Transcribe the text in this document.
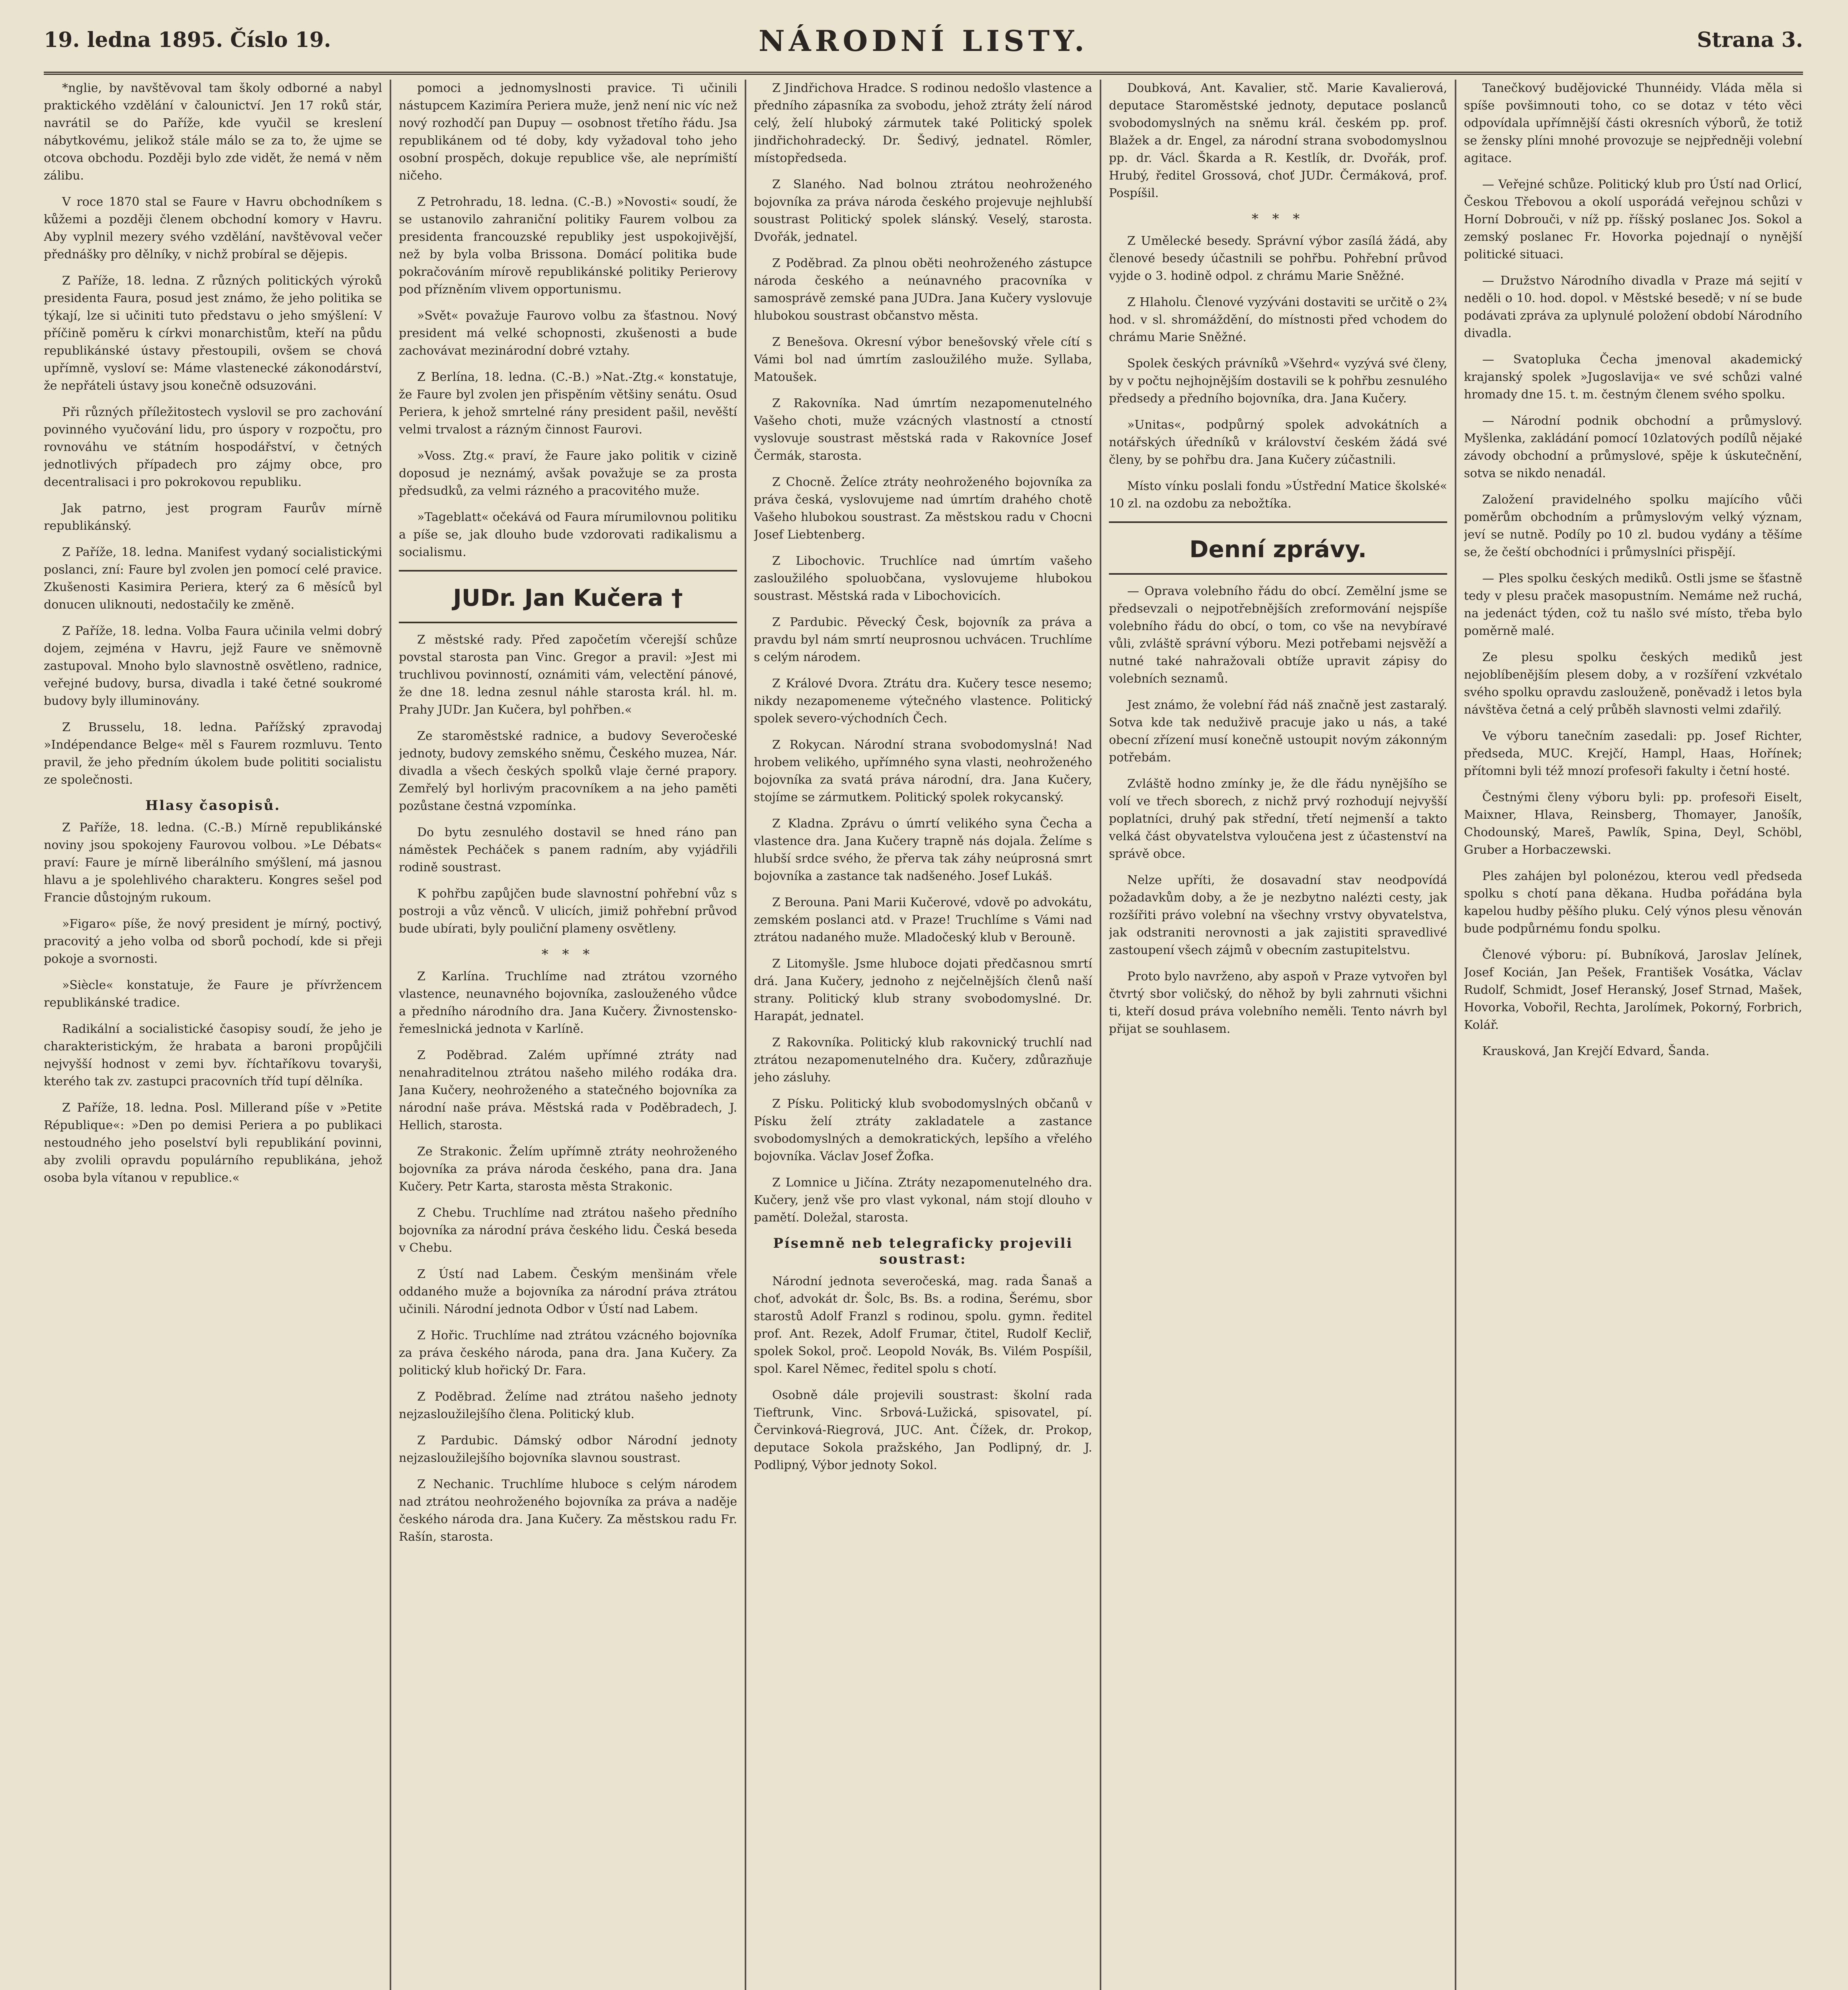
19. ledna 1895. Číslo 19.	NÁRODNÍ LISTY.	Strana 3.

*nglie, by navštěvoval tam školy odborné a nabyl praktického vzdělání v čalounictví. Jen 17 roků stár, navrátil se do Paříže, kde vyučil se kreslení nábytkovému, jelikož stále málo se za to, že ujme se otcova obchodu. Později bylo zde vidět, že nemá v něm zálibu.

V roce 1870 stal se Faure v Havru obchodníkem s kůžemi a později členem obchodní komory v Havru. Aby vyplnil mezery svého vzdělání, navštěvoval večer přednášky pro dělníky, v nichž probíral se dějepis.

Z Paříže, 18. ledna. Z různých politických výroků presidenta Faura, posud jest známo, že jeho politika se týkají, lze si učiniti tuto představu o jeho smýšlení: V příčině poměru k církvi monarchistům, kteří na půdu republikánské ústavy přestoupili, ovšem se chová upřímně, vysloví se: Máme vlastenecké zákonodárství, že nepřáteli ústavy jsou konečně odsuzováni.

Při různých příležitostech vyslovil se pro zachování povinného vyučování lidu, pro úspory v rozpočtu, pro rovnováhu ve státním hospodářství, v četných jednotlivých případech pro zájmy obce, pro decentralisaci i pro pokrokovou republiku.

Jak patrno, jest program Faurův mírně republikánský.

Z Paříže, 18. ledna. Manifest vydaný socialistickými poslanci, zní: Faure byl zvolen jen pomocí celé pravice. Zkušenosti Kasimira Periera, který za 6 měsíců byl donucen uliknouti, nedostačily ke změně.

Z Paříže, 18. ledna. Volba Faura učinila velmi dobrý dojem, zejména v Havru, jejž Faure ve sněmovně zastupoval. Mnoho bylo slavnostně osvětleno, radnice, veřejné budovy, bursa, divadla i také četné soukromé budovy byly illuminovány.

Z Brusselu, 18. ledna. Pařížský zpravodaj »Indépendance Belge« měl s Faurem rozmluvu. Tento pravil, že jeho předním úkolem bude polititi socialistu ze společnosti.

Hlasy časopisů.

Z Paříže, 18. ledna. (C.-B.) Mírně republikánské noviny jsou spokojeny Faurovou volbou. »Le Débats« praví: Faure je mírně liberálního smýšlení, má jasnou hlavu a je spolehlivého charakteru. Kongres sešel pod Francie důstojným rukoum.

»Figaro« píše, že nový president je mírný, poctivý, pracovitý a jeho volba od sborů pochodí, kde si přeji pokoje a svornosti.

»Siècle« konstatuje, že Faure je přívržencem republikánské tradice.

Radikální a socialistické časopisy soudí, že jeho je charakteristickým, že hrabata a baroni propůjčili nejvyšší hodnost v zemi byv. říchtaříkovu tovaryši, kterého tak zv. zastupci pracovních tříd tupí dělníka.

Z Paříže, 18. ledna. Posl. Millerand píše v »Petite République«: »Den po demisi Periera a po publikaci nestoudného jeho poselství byli republikání povinni, aby zvolili opravdu populárního republikána, jehož osoba byla vítanou v republice.«

pomoci a jednomyslnosti pravice. Ti učinili nástupcem Kazimíra Periera muže, jenž není nic víc než nový rozhodčí pan Dupuy — osobnost třetího řádu. Jsa republikánem od té doby, kdy vyžadoval toho jeho osobní prospěch, dokuje republice vše, ale neprímiští ničeho.

Z Petrohradu, 18. ledna. (C.-B.) »Novosti« soudí, že se ustanovilo zahraniční politiky Faurem volbou za presidenta francouzské republiky jest uspokojivější, než by byla volba Brissona. Domácí politika bude pokračováním mírově republikánské politiky Perierovy pod přízněním vlivem opportunismu.

»Svět« považuje Faurovo volbu za šťastnou. Nový president má velké schopnosti, zkušenosti a bude zachovávat mezinárodní dobré vztahy.

Z Berlína, 18. ledna. (C.-B.) »Nat.-Ztg.« konstatuje, že Faure byl zvolen jen přispěním většiny senátu. Osud Periera, k jehož smrtelné rány president pašil, nevěští velmi trvalost a rázným činnost Faurovi.

»Voss. Ztg.« praví, že Faure jako politik v cizině doposud je neznámý, avšak považuje se za prosta předsudků, za velmi rázného a pracovitého muže.

»Tageblatt« očekává od Faura mírumilovnou politiku a píše se, jak dlouho bude vzdorovati radikalismu a socialismu.

JUDr. Jan Kučera †

Z městské rady. Před započetím včerejší schůze povstal starosta pan Vinc. Gregor a pravil: »Jest mi truchlivou povinností, oznámiti vám, velectění pánové, že dne 18. ledna zesnul náhle starosta král. hl. m. Prahy JUDr. Jan Kučera, byl pohřben.«

Ze staroměstské radnice, a budovy Severočeské jednoty, budovy zemského sněmu, Českého muzea, Nár. divadla a všech českých spolků vlaje černé prapory. Zemřelý byl horlivým pracovníkem a na jeho paměti pozůstane čestná vzpomínka.

Do bytu zesnulého dostavil se hned ráno pan náměstek Pecháček s panem radním, aby vyjádřili rodině soustrast.

K pohřbu zapůjčen bude slavnostní pohřební vůz s postroji a vůz věnců. V ulicích, jimiž pohřební průvod bude ubírati, byly pouliční plameny osvětleny.

* * *

Z Karlína. Truchlíme nad ztrátou vzorného vlastence, neunavného bojovníka, zaslouženého vůdce a předního národního dra. Jana Kučery. Živnostensko-řemeslnická jednota v Karlíně.

Z Poděbrad. Zalém upřímné ztráty nad nenahraditelnou ztrátou našeho milého rodáka dra. Jana Kučery, neohroženého a statečného bojovníka za národní naše práva. Městská rada v Poděbradech, J. Hellich, starosta.

Ze Strakonic. Želím upřímně ztráty neohroženého bojovníka za práva národa českého, pana dra. Jana Kučery. Petr Karta, starosta města Strakonic.

Z Chebu. Truchlíme nad ztrátou našeho předního bojovníka za národní práva českého lidu. Česká beseda v Chebu.

Z Ústí nad Labem. Českým menšinám vřele oddaného muže a bojovníka za národní práva ztrátou učinili. Národní jednota Odbor v Ústí nad Labem.

Z Hořic. Truchlíme nad ztrátou vzácného bojovníka za práva českého národa, pana dra. Jana Kučery. Za politický klub hořický Dr. Fara.

Z Poděbrad. Želíme nad ztrátou našeho jednoty nejzasloužilejšího člena. Politický klub.

Z Pardubic. Dámský odbor Národní jednoty nejzasloužilejšího bojovníka slavnou soustrast.

Z Nechanic. Truchlíme hluboce s celým národem nad ztrátou neohroženého bojovníka za práva a naděje českého národa dra. Jana Kučery. Za městskou radu Fr. Rašín, starosta.

Z Jindřichova Hradce. S rodinou nedošlo vlastence a předního zápasníka za svobodu, jehož ztráty želí národ celý, želí hluboký zármutek také Politický spolek jindřichohradecký. Dr. Šedivý, jednatel. Römler, místopředseda.

Z Slaného. Nad bolnou ztrátou neohroženého bojovníka za práva národa českého projevuje nejhlubší soustrast Politický spolek slánský. Veselý, starosta. Dvořák, jednatel.

Z Poděbrad. Za plnou oběti neohroženého zástupce národa českého a neúnavného pracovníka v samosprávě zemské pana JUDra. Jana Kučery vyslovuje hlubokou soustrast občanstvo města.

Z Benešova. Okresní výbor benešovský vřele cítí s Vámi bol nad úmrtím zasloužilého muže. Syllaba, Matoušek.

Z Rakovníka. Nad úmrtím nezapomenutelného Vašeho choti, muže vzácných vlastností a ctností vyslovuje soustrast městská rada v Rakovníce Josef Čermák, starosta.

Z Chocně. Želíce ztráty neohroženého bojovníka za práva česká, vyslovujeme nad úmrtím drahého chotě Vašeho hlubokou soustrast. Za městskou radu v Chocni Josef Liebtenberg.

Z Libochovic. Truchlíce nad úmrtím vašeho zasloužilého spoluobčana, vyslovujeme hlubokou soustrast. Městská rada v Libochovicích.

Z Pardubic. Pěvecký Česk, bojovník za práva a pravdu byl nám smrtí neuprosnou uchvácen. Truchlíme s celým národem.

Z Králové Dvora. Ztrátu dra. Kučery tesce nesemo; nikdy nezapomeneme výtečného vlastence. Politický spolek severo-východních Čech.

Z Rokycan. Národní strana svobodomyslná! Nad hrobem velikého, upřímného syna vlasti, neohroženého bojovníka za svatá práva národní, dra. Jana Kučery, stojíme se zármutkem. Politický spolek rokycanský.

Z Kladna. Zprávu o úmrtí velikého syna Čecha a vlastence dra. Jana Kučery trapně nás dojala. Želíme s hlubší srdce svého, že přerva tak záhy neúprosná smrt bojovníka a zastance tak nadšeného. Josef Lukáš.

Z Berouna. Pani Marii Kučerové, vdově po advokátu, zemském poslanci atd. v Praze! Truchlíme s Vámi nad ztrátou nadaného muže. Mladočeský klub v Berouně.

Z Litomyšle. Jsme hluboce dojati předčasnou smrtí drá. Jana Kučery, jednoho z nejčelnějších členů naší strany. Politický klub strany svobodomyslné. Dr. Harapát, jednatel.

Z Rakovníka. Politický klub rakovnický truchlí nad ztrátou nezapomenutelného dra. Kučery, zdůrazňuje jeho zásluhy.

Z Písku. Politický klub svobodomyslných občanů v Písku želí ztráty zakladatele a zastance svobodomyslných a demokratických, lepšího a vřelého bojovníka. Václav Josef Žofka.

Z Lomnice u Jičína. Ztráty nezapomenutelného dra. Kučery, jenž vše pro vlast vykonal, nám stojí dlouho v pamětí. Doležal, starosta.

Písemně neb telegraficky projevili soustrast:

Národní jednota severočeská, mag. rada Šanaš a choť, advokát dr. Šolc, Bs. Bs. a rodina, Šerému, sbor starostů Adolf Franzl s rodinou, spolu. gymn. ředitel prof. Ant. Rezek, Adolf Frumar, čtitel, Rudolf Kecliř, spolek Sokol, proč. Leopold Novák, Bs. Vilém Pospíšil, spol. Karel Němec, ředitel spolu s chotí.

Osobně dále projevili soustrast: školní rada Tieftrunk, Vinc. Srbová-Lužická, spisovatel, pí. Červinková-Riegrová, JUC. Ant. Čížek, dr. Prokop, deputace Sokola pražského, Jan Podlipný, dr. J. Podlipný, Výbor jednoty Sokol.

Doubková, Ant. Kavalier, stč. Marie Kavalierová, deputace Staroměstské jednoty, deputace poslanců svobodomyslných na sněmu král. českém pp. prof. Blažek a dr. Engel, za národní strana svobodomyslnou pp. dr. Václ. Škarda a R. Kestlík, dr. Dvořák, prof. Hrubý, ředitel Grossová, choť JUDr. Čermáková, prof. Pospíšil.

* * *

Z Umělecké besedy. Správní výbor zasílá žádá, aby členové besedy účastnili se pohřbu. Pohřební průvod vyjde o 3. hodině odpol. z chrámu Marie Sněžné.

Z Hlaholu. Členové vyzýváni dostaviti se určitě o 2¾ hod. v sl. shromáždění, do místnosti před vchodem do chrámu Marie Sněžné.

Spolek českých právníků »Všehrd« vyzývá své členy, by v počtu nejhojnějším dostavili se k pohřbu zesnulého předsedy a předního bojovníka, dra. Jana Kučery.

»Unitas«, podpůrný spolek advokátních a notářských úředníků v království českém žádá své členy, by se pohřbu dra. Jana Kučery zúčastnili.

Místo vínku poslali fondu »Ústřední Matice školské« 10 zl. na ozdobu za nebožtíka.

Denní zprávy.

— Oprava volebního řádu do obcí. Zemělní jsme se předsevzali o nejpotřebnějších zreformování nejspíše volebního řádu do obcí, o tom, co vše na nevybíravé vůli, zvláště správní výboru. Mezi potřebami nejsvěží a nutné také nahražovali obtíže upravit zápisy do volebních seznamů.

Jest známo, že volební řád náš značně jest zastaralý. Sotva kde tak neduživě pracuje jako u nás, a také obecní zřízení musí konečně ustoupit novým zákonným potřebám.

Zvláště hodno zmínky je, že dle řádu nynějšího se volí ve třech sborech, z nichž prvý rozhodují nejvyšší poplatníci, druhý pak střední, třetí nejmenší a takto velká část obyvatelstva vyloučena jest z účastenství na správě obce.

Nelze upříti, že dosavadní stav neodpovídá požadavkům doby, a že je nezbytno nalézti cesty, jak rozšířiti právo volební na všechny vrstvy obyvatelstva, jak odstraniti nerovnosti a jak zajistiti spravedlivé zastoupení všech zájmů v obecním zastupitelstvu.

Proto bylo navrženo, aby aspoň v Praze vytvořen byl čtvrtý sbor voličský, do něhož by byli zahrnuti všichni ti, kteří dosud práva volebního neměli. Tento návrh byl přijat se souhlasem.

Tanečkový budějovické Thunnéidy. Vláda měla si spíše povšimnouti toho, co se dotaz v této věci odpovídala upřímnější části okresních výborů, že totiž se žensky plíni mnohé provozuje se nejpředněji volební agitace.

— Veřejné schůze. Politický klub pro Ústí nad Orlicí, Českou Třebovou a okolí usporádá veřejnou schůzi v Horní Dobrouči, v níž pp. říšský poslanec Jos. Sokol a zemský poslanec Fr. Hovorka pojednají o nynější politické situaci.

— Družstvo Národního divadla v Praze má sejití v neděli o 10. hod. dopol. v Městské besedě; v ní se bude podávati zpráva za uplynulé položení období Národního divadla.

— Svatopluka Čecha jmenoval akademický krajanský spolek »Jugoslavija« ve své schůzi valné hromady dne 15. t. m. čestným členem svého spolku.

— Národní podnik obchodní a průmyslový. Myšlenka, zakládání pomocí 10zlatových podílů nějaké závody obchodní a průmyslové, spěje k úskutečnění, sotva se nikdo nenadál.

Založení pravidelného spolku majícího vůči poměrům obchodním a průmyslovým velký význam, jeví se nutně. Podíly po 10 zl. budou vydány a těšíme se, že čeští obchodníci i průmyslníci přispějí.

— Ples spolku českých mediků. Ostli jsme se šťastně tedy v plesu praček masopustním. Nemáme než ruchá, na jedenáct týden, což tu našlo své místo, třeba bylo poměrně malé.

Ze plesu spolku českých mediků jest nejoblíbenějším plesem doby, a v rozšíření vzkvétalo svého spolku opravdu zaslouženě, poněvadž i letos byla návštěva četná a celý průběh slavnosti velmi zdařilý.

Ve výboru tanečním zasedali: pp. Josef Richter, předseda, MUC. Krejčí, Hampl, Haas, Hořínek; přítomni byli též mnozí profesoři fakulty i četní hosté.

Čestnými členy výboru byli: pp. profesoři Eiselt, Maixner, Hlava, Reinsberg, Thomayer, Janošík, Chodounský, Mareš, Pawlík, Spina, Deyl, Schöbl, Gruber a Horbaczewski.

Ples zahájen byl polonézou, kterou vedl předseda spolku s chotí pana děkana. Hudba pořádána byla kapelou hudby pěšího pluku. Celý výnos plesu věnován bude podpůrnému fondu spolku.

Členové výboru: pí. Bubníková, Jaroslav Jelínek, Josef Kocián, Jan Pešek, František Vosátka, Václav Rudolf, Schmidt, Josef Heranský, Josef Strnad, Mašek, Hovorka, Vobořil, Rechta, Jarolímek, Pokorný, Forbrich, Kolář.

Krausková, Jan Krejčí Edvard, Šanda.
